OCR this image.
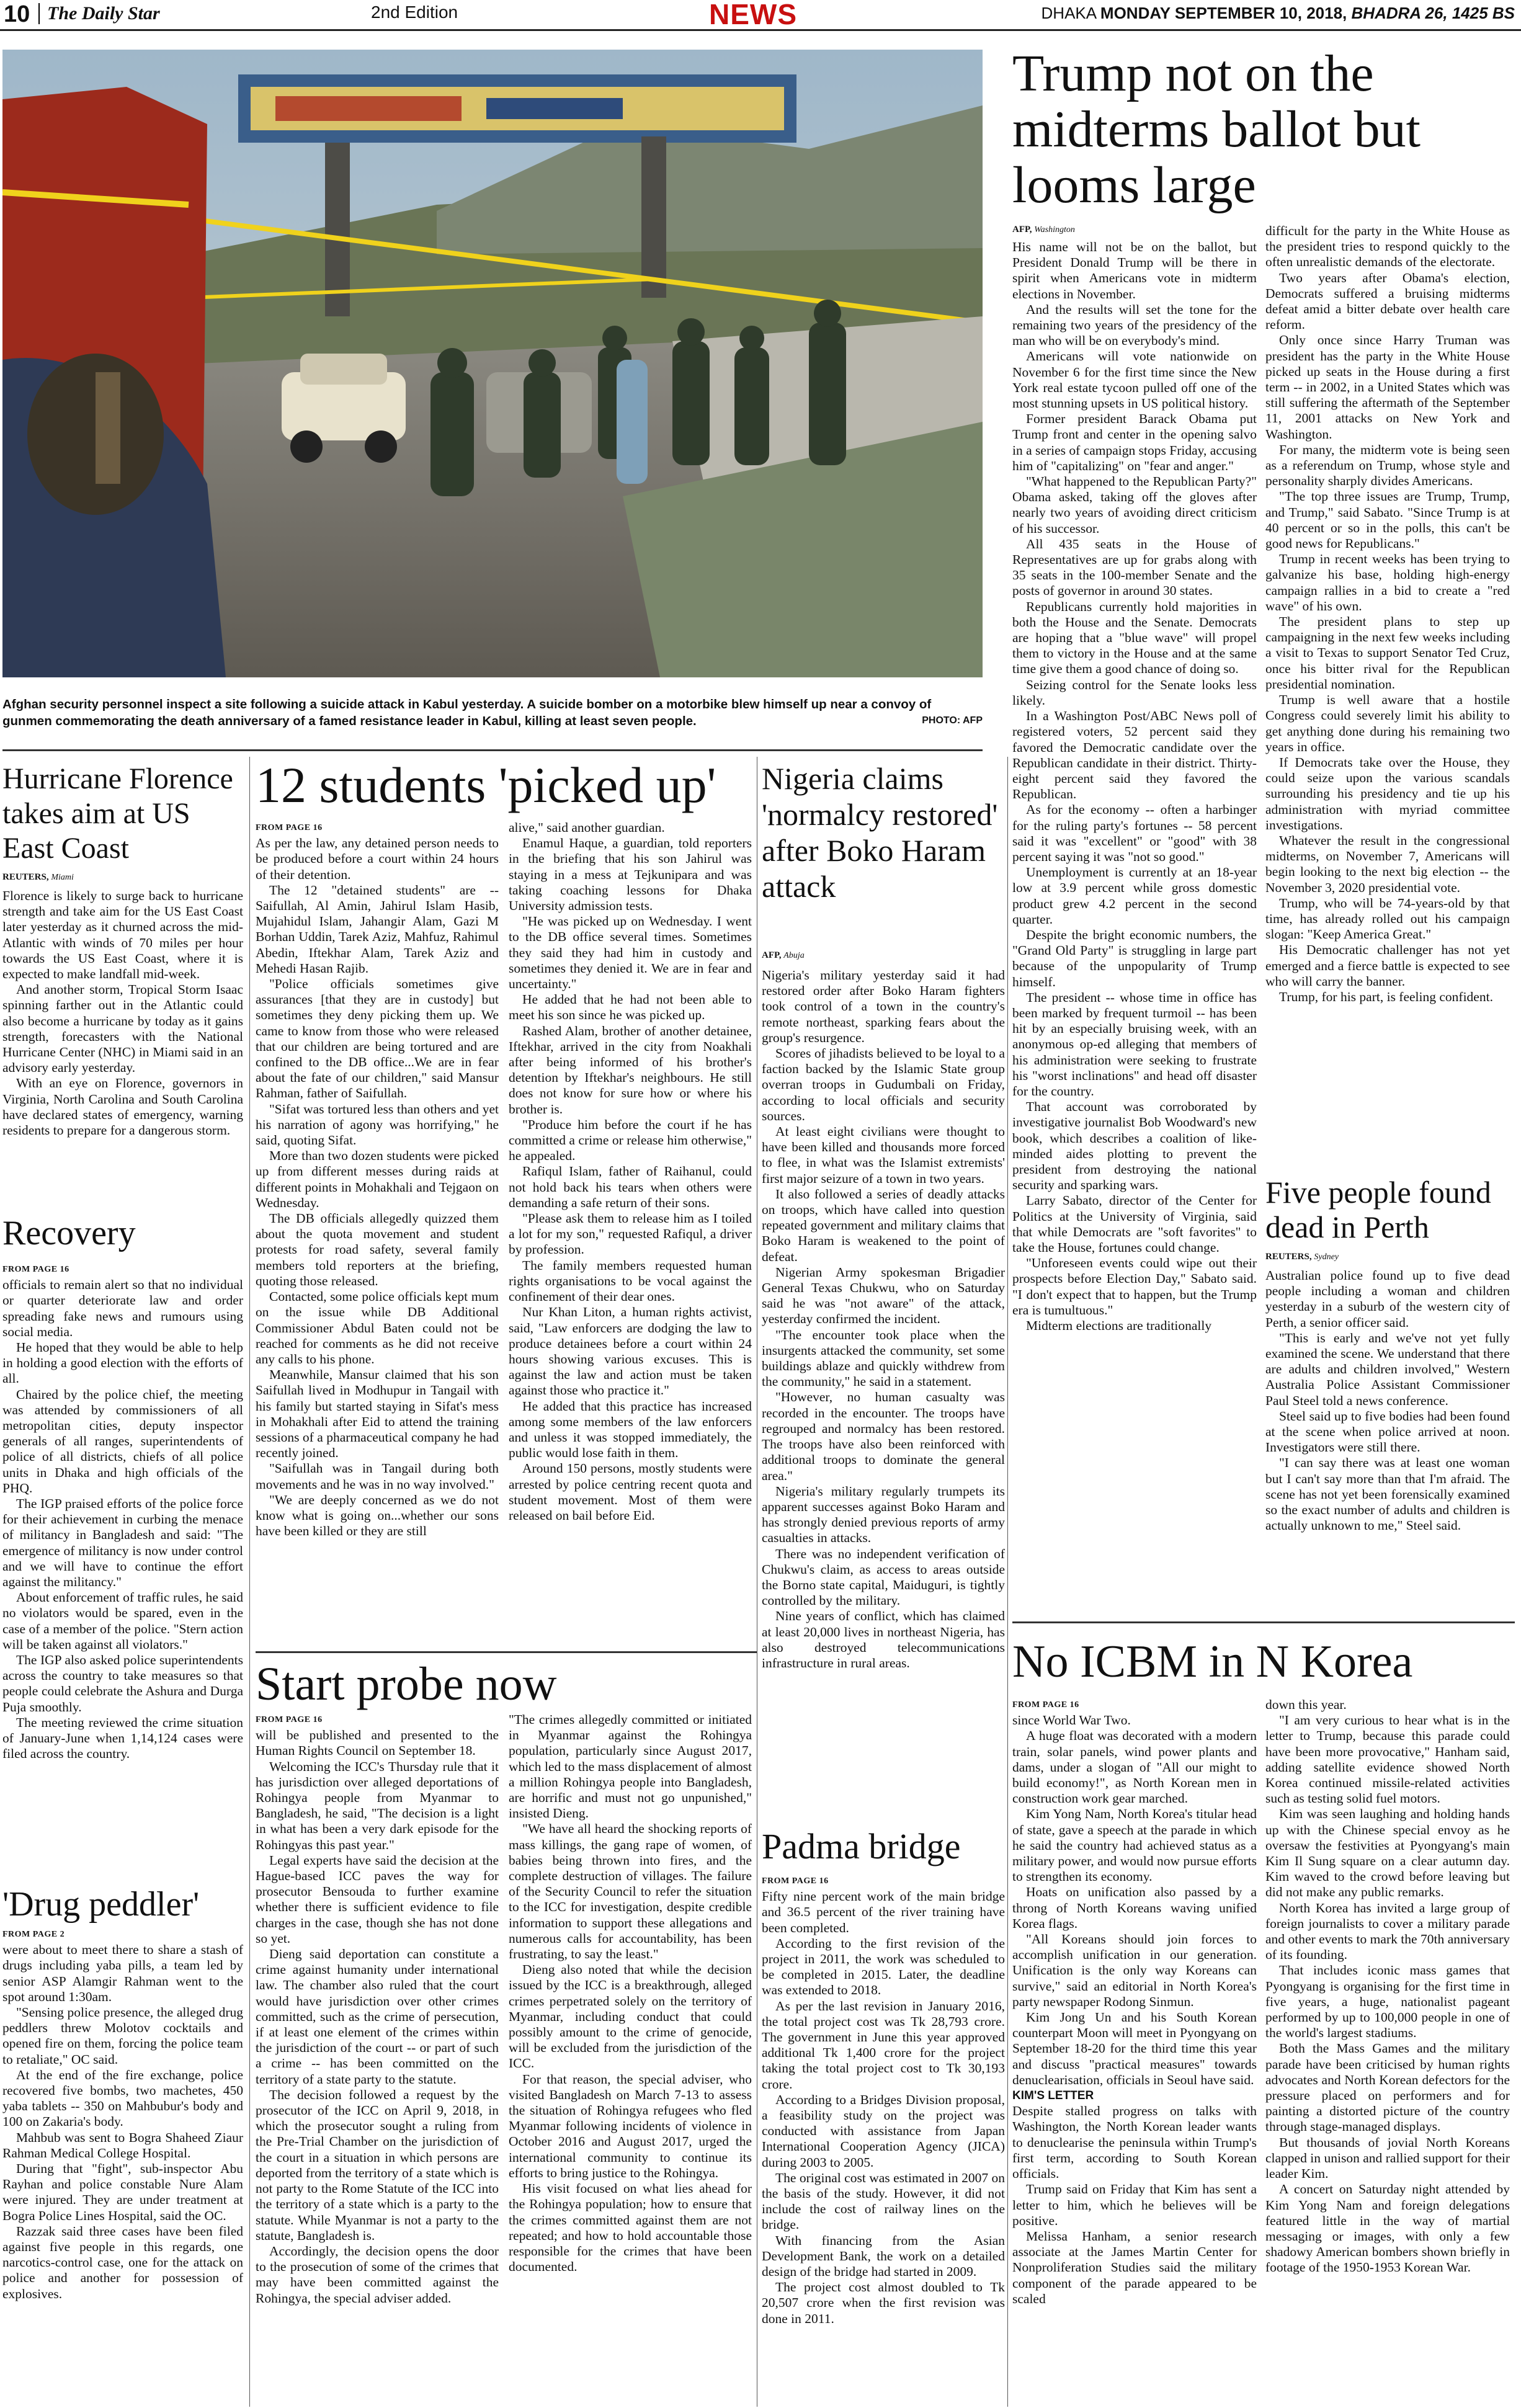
10 The Daily Star	2nd Edition	NEWS	DHAKA MONDAY SEPTEMBER 10, 2018, BHADRA 26, 1425 BS
Afghan security personnel inspect a site following a suicide attack in Kabul yesterday. A suicide bomber on a motorbike blew himself up near a convoy of gunmen commemorating the death anniversary of a famed resistance leader in Kabul, killing at least seven people.	PHOTO: AFP
Trump not on the midterms ballot but looms large
AFP, Washington

His name will not be on the ballot, but President Donald Trump will be there in spirit when Americans vote in midterm elections in November.

And the results will set the tone for the remaining two years of the presidency of the man who will be on everybody's mind.

Americans will vote nationwide on November 6 for the first time since the New York real estate tycoon pulled off one of the most stunning upsets in US political history.

Former president Barack Obama put Trump front and center in the opening salvo in a series of campaign stops Friday, accusing him of "capitalizing" on "fear and anger."

"What happened to the Republican Party?" Obama asked, taking off the gloves after nearly two years of avoiding direct criticism of his successor.

All 435 seats in the House of Representatives are up for grabs along with 35 seats in the 100-member Senate and the posts of governor in around 30 states.

Republicans currently hold majorities in both the House and the Senate. Democrats are hoping that a "blue wave" will propel them to victory in the House and at the same time give them a good chance of doing so.

Seizing control for the Senate looks less likely.

In a Washington Post/ABC News poll of registered voters, 52 percent said they favored the Democratic candidate over the Republican candidate in their district. Thirty-eight percent said they favored the Republican.

As for the economy -- often a harbinger for the ruling party's fortunes -- 58 percent said it was "excellent" or "good" with 38 percent saying it was "not so good."

Unemployment is currently at an 18-year low at 3.9 percent while gross domestic product grew 4.2 percent in the second quarter.

Despite the bright economic numbers, the "Grand Old Party" is struggling in large part because of the unpopularity of Trump himself.

The president -- whose time in office has been marked by frequent turmoil -- has been hit by an especially bruising week, with an anonymous op-ed alleging that members of his administration were seeking to frustrate his "worst inclinations" and head off disaster for the country.

That account was corroborated by investigative journalist Bob Woodward's new book, which describes a coalition of like-minded aides plotting to prevent the president from destroying the national security and sparking wars.

Larry Sabato, director of the Center for Politics at the University of Virginia, said that while Democrats are "soft favorites" to take the House, fortunes could change.

"Unforeseen events could wipe out their prospects before Election Day," Sabato said. "I don't expect that to happen, but the Trump era is tumultuous."

Midterm elections are traditionally

difficult for the party in the White House as the president tries to respond quickly to the often unrealistic demands of the electorate.

Two years after Obama's election, Democrats suffered a bruising midterms defeat amid a bitter debate over health care reform.

Only once since Harry Truman was president has the party in the White House picked up seats in the House during a first term -- in 2002, in a United States which was still suffering the aftermath of the September 11, 2001 attacks on New York and Washington.

For many, the midterm vote is being seen as a referendum on Trump, whose style and personality sharply divides Americans.

"The top three issues are Trump, Trump, and Trump," said Sabato. "Since Trump is at 40 percent or so in the polls, this can't be good news for Republicans."

Trump in recent weeks has been trying to galvanize his base, holding high-energy campaign rallies in a bid to create a "red wave" of his own.

The president plans to step up campaigning in the next few weeks including a visit to Texas to support Senator Ted Cruz, once his bitter rival for the Republican presidential nomination.

Trump is well aware that a hostile Congress could severely limit his ability to get anything done during his remaining two years in office.

If Democrats take over the House, they could seize upon the various scandals surrounding his presidency and tie up his administration with myriad committee investigations.

Whatever the result in the congressional midterms, on November 7, Americans will begin looking to the next big election -- the November 3, 2020 presidential vote.

Trump, who will be 74-years-old by that time, has already rolled out his campaign slogan: "Keep America Great."

His Democratic challenger has not yet emerged and a fierce battle is expected to see who will carry the banner.

Trump, for his part, is feeling confident.

Five people found dead in Perth
REUTERS, Sydney

Australian police found up to five dead people including a woman and children yesterday in a suburb of the western city of Perth, a senior officer said.

"This is early and we've not yet fully examined the scene. We understand that there are adults and children involved," Western Australia Police Assistant Commissioner Paul Steel told a news conference.

Steel said up to five bodies had been found at the scene when police arrived at noon. Investigators were still there.

"I can say there was at least one woman but I can't say more than that I'm afraid. The scene has not yet been forensically examined so the exact number of adults and children is actually unknown to me," Steel said.

No ICBM in N Korea
FROM PAGE 16

since World War Two.

A huge float was decorated with a modern train, solar panels, wind power plants and dams, under a slogan of "All our might to build economy!", as North Korean men in construction work gear marched.

Kim Yong Nam, North Korea's titular head of state, gave a speech at the parade in which he said the country had achieved status as a military power, and would now pursue efforts to strengthen its economy.

Hoats on unification also passed by a throng of North Koreans waving unified Korea flags.

"All Koreans should join forces to accomplish unification in our generation. Unification is the only way Koreans can survive," said an editorial in North Korea's party newspaper Rodong Sinmun.

Kim Jong Un and his South Korean counterpart Moon will meet in Pyongyang on September 18-20 for the third time this year and discuss "practical measures" towards denuclearisation, officials in Seoul have said.

KIM'S LETTER

Despite stalled progress on talks with Washington, the North Korean leader wants to denuclearise the peninsula within Trump's first term, according to South Korean officials.

Trump said on Friday that Kim has sent a letter to him, which he believes will be positive.

Melissa Hanham, a senior research associate at the James Martin Center for Nonproliferation Studies said the military component of the parade appeared to be scaled

down this year.

"I am very curious to hear what is in the letter to Trump, because this parade could have been more provocative," Hanham said, adding satellite evidence showed North Korea continued missile-related activities such as testing solid fuel motors.

Kim was seen laughing and holding hands up with the Chinese special envoy as he oversaw the festivities at Pyongyang's main Kim Il Sung square on a clear autumn day. Kim waved to the crowd before leaving but did not make any public remarks.

North Korea has invited a large group of foreign journalists to cover a military parade and other events to mark the 70th anniversary of its founding.

That includes iconic mass games that Pyongyang is organising for the first time in five years, a huge, nationalist pageant performed by up to 100,000 people in one of the world's largest stadiums.

Both the Mass Games and the military parade have been criticised by human rights advocates and North Korean defectors for the pressure placed on performers and for painting a distorted picture of the country through stage-managed displays.

But thousands of jovial North Koreans clapped in unison and rallied support for their leader Kim.

A concert on Saturday night attended by Kim Yong Nam and foreign delegations featured little in the way of martial messaging or images, with only a few shadowy American bombers shown briefly in footage of the 1950-1953 Korean War.

Hurricane Florence takes aim at US East Coast
REUTERS, Miami

Florence is likely to surge back to hurricane strength and take aim for the US East Coast later yesterday as it churned across the mid-Atlantic with winds of 70 miles per hour towards the US East Coast, where it is expected to make landfall mid-week.

And another storm, Tropical Storm Isaac spinning farther out in the Atlantic could also become a hurricane by today as it gains strength, forecasters with the National Hurricane Center (NHC) in Miami said in an advisory early yesterday.

With an eye on Florence, governors in Virginia, North Carolina and South Carolina have declared states of emergency, warning residents to prepare for a dangerous storm.

Recovery
FROM PAGE 16

officials to remain alert so that no individual or quarter deteriorate law and order spreading fake news and rumours using social media.

He hoped that they would be able to help in holding a good election with the efforts of all.

Chaired by the police chief, the meeting was attended by commissioners of all metropolitan cities, deputy inspector generals of all ranges, superintendents of police of all districts, chiefs of all police units in Dhaka and high officials of the PHQ.

The IGP praised efforts of the police force for their achievement in curbing the menace of militancy in Bangladesh and said: "The emergence of militancy is now under control and we will have to continue the effort against the militancy."

About enforcement of traffic rules, he said no violators would be spared, even in the case of a member of the police. "Stern action will be taken against all violators."

The IGP also asked police superintendents across the country to take measures so that people could celebrate the Ashura and Durga Puja smoothly.

The meeting reviewed the crime situation of January-June when 1,14,124 cases were filed across the country.

'Drug peddler'
FROM PAGE 2

were about to meet there to share a stash of drugs including yaba pills, a team led by senior ASP Alamgir Rahman went to the spot around 1:30am.

"Sensing police presence, the alleged drug peddlers threw Molotov cocktails and opened fire on them, forcing the police team to retaliate," OC said.

At the end of the fire exchange, police recovered five bombs, two machetes, 450 yaba tablets -- 350 on Mahbubur's body and 100 on Zakaria's body.

Mahbub was sent to Bogra Shaheed Ziaur Rahman Medical College Hospital.

During that "fight", sub-inspector Abu Rayhan and police constable Nure Alam were injured. They are under treatment at Bogra Police Lines Hospital, said the OC.

Razzak said three cases have been filed against five people in this regards, one narcotics-control case, one for the attack on police and another for possession of explosives.

12 students 'picked up'
FROM PAGE 16

As per the law, any detained person needs to be produced before a court within 24 hours of their detention.

The 12 "detained students" are -- Saifullah, Al Amin, Jahirul Islam Hasib, Mujahidul Islam, Jahangir Alam, Gazi M Borhan Uddin, Tarek Aziz, Mahfuz, Rahimul Abedin, Iftekhar Alam, Tarek Aziz and Mehedi Hasan Rajib.

"Police officials sometimes give assurances [that they are in custody] but sometimes they deny picking them up. We came to know from those who were released that our children are being tortured and are confined to the DB office...We are in fear about the fate of our children," said Mansur Rahman, father of Saifullah.

"Sifat was tortured less than others and yet his narration of agony was horrifying," he said, quoting Sifat.

More than two dozen students were picked up from different messes during raids at different points in Mohakhali and Tejgaon on Wednesday.

The DB officials allegedly quizzed them about the quota movement and student protests for road safety, several family members told reporters at the briefing, quoting those released.

Contacted, some police officials kept mum on the issue while DB Additional Commissioner Abdul Baten could not be reached for comments as he did not receive any calls to his phone.

Meanwhile, Mansur claimed that his son Saifullah lived in Modhupur in Tangail with his family but started staying in Sifat's mess in Mohakhali after Eid to attend the training sessions of a pharmaceutical company he had recently joined.

"Saifullah was in Tangail during both movements and he was in no way involved."

"We are deeply concerned as we do not know what is going on...whether our sons have been killed or they are still

alive," said another guardian.

Enamul Haque, a guardian, told reporters in the briefing that his son Jahirul was staying in a mess at Tejkunipara and was taking coaching lessons for Dhaka University admission tests.

"He was picked up on Wednesday. I went to the DB office several times. Sometimes they said they had him in custody and sometimes they denied it. We are in fear and uncertainty."

He added that he had not been able to meet his son since he was picked up.

Rashed Alam, brother of another detainee, Iftekhar, arrived in the city from Noakhali after being informed of his brother's detention by Iftekhar's neighbours. He still does not know for sure how or where his brother is.

"Produce him before the court if he has committed a crime or release him otherwise," he appealed.

Rafiqul Islam, father of Raihanul, could not hold back his tears when others were demanding a safe return of their sons.

"Please ask them to release him as I toiled a lot for my son," requested Rafiqul, a driver by profession.

The family members requested human rights organisations to be vocal against the confinement of their dear ones.

Nur Khan Liton, a human rights activist, said, "Law enforcers are dodging the law to produce detainees before a court within 24 hours showing various excuses. This is against the law and action must be taken against those who practice it."

He added that this practice has increased among some members of the law enforcers and unless it was stopped immediately, the public would lose faith in them.

Around 150 persons, mostly students were arrested by police centring recent quota and student movement. Most of them were released on bail before Eid.

Start probe now
FROM PAGE 16

will be published and presented to the Human Rights Council on September 18.

Welcoming the ICC's Thursday rule that it has jurisdiction over alleged deportations of Rohingya people from Myanmar to Bangladesh, he said, "The decision is a light in what has been a very dark episode for the Rohingyas this past year."

Legal experts have said the decision at the Hague-based ICC paves the way for prosecutor Bensouda to further examine whether there is sufficient evidence to file charges in the case, though she has not done so yet.

Dieng said deportation can constitute a crime against humanity under international law. The chamber also ruled that the court would have jurisdiction over other crimes committed, such as the crime of persecution, if at least one element of the crimes within the jurisdiction of the court -- or part of such a crime -- has been committed on the territory of a state party to the statute.

The decision followed a request by the prosecutor of the ICC on April 9, 2018, in which the prosecutor sought a ruling from the Pre-Trial Chamber on the jurisdiction of the court in a situation in which persons are deported from the territory of a state which is not party to the Rome Statute of the ICC into the territory of a state which is a party to the statute. While Myanmar is not a party to the statute, Bangladesh is.

Accordingly, the decision opens the door to the prosecution of some of the crimes that may have been committed against the Rohingya, the special adviser added.

"The crimes allegedly committed or initiated in Myanmar against the Rohingya population, particularly since August 2017, which led to the mass displacement of almost a million Rohingya people into Bangladesh, are horrific and must not go unpunished," insisted Dieng.

"We have all heard the shocking reports of mass killings, the gang rape of women, of babies being thrown into fires, and the complete destruction of villages. The failure of the Security Council to refer the situation to the ICC for investigation, despite credible information to support these allegations and numerous calls for accountability, has been frustrating, to say the least."

Dieng also noted that while the decision issued by the ICC is a breakthrough, alleged crimes perpetrated solely on the territory of Myanmar, including conduct that could possibly amount to the crime of genocide, will be excluded from the jurisdiction of the ICC.

For that reason, the special adviser, who visited Bangladesh on March 7-13 to assess the situation of Rohingya refugees who fled Myanmar following incidents of violence in October 2016 and August 2017, urged the international community to continue its efforts to bring justice to the Rohingya.

His visit focused on what lies ahead for the Rohingya population; how to ensure that the crimes committed against them are not repeated; and how to hold accountable those responsible for the crimes that have been documented.

Nigeria claims 'normalcy restored' after Boko Haram attack
AFP, Abuja

Nigeria's military yesterday said it had restored order after Boko Haram fighters took control of a town in the country's remote northeast, sparking fears about the group's resurgence.

Scores of jihadists believed to be loyal to a faction backed by the Islamic State group overran troops in Gudumbali on Friday, according to local officials and security sources.

At least eight civilians were thought to have been killed and thousands more forced to flee, in what was the Islamist extremists' first major seizure of a town in two years.

It also followed a series of deadly attacks on troops, which have called into question repeated government and military claims that Boko Haram is weakened to the point of defeat.

Nigerian Army spokesman Brigadier General Texas Chukwu, who on Saturday said he was "not aware" of the attack, yesterday confirmed the incident.

"The encounter took place when the insurgents attacked the community, set some buildings ablaze and quickly withdrew from the community," he said in a statement.

"However, no human casualty was recorded in the encounter. The troops have regrouped and normalcy has been restored. The troops have also been reinforced with additional troops to dominate the general area."

Nigeria's military regularly trumpets its apparent successes against Boko Haram and has strongly denied previous reports of army casualties in attacks.

There was no independent verification of Chukwu's claim, as access to areas outside the Borno state capital, Maiduguri, is tightly controlled by the military.

Nine years of conflict, which has claimed at least 20,000 lives in northeast Nigeria, has also destroyed telecommunications infrastructure in rural areas.

Padma bridge
FROM PAGE 16

Fifty nine percent work of the main bridge and 36.5 percent of the river training have been completed.

According to the first revision of the project in 2011, the work was scheduled to be completed in 2015. Later, the deadline was extended to 2018.

As per the last revision in January 2016, the total project cost was Tk 28,793 crore. The government in June this year approved additional Tk 1,400 crore for the project taking the total project cost to Tk 30,193 crore.

According to a Bridges Division proposal, a feasibility study on the project was conducted with assistance from Japan International Cooperation Agency (JICA) during 2003 to 2005.

The original cost was estimated in 2007 on the basis of the study. However, it did not include the cost of railway lines on the bridge.

With financing from the Asian Development Bank, the work on a detailed design of the bridge had started in 2009.

The project cost almost doubled to Tk 20,507 crore when the first revision was done in 2011.
